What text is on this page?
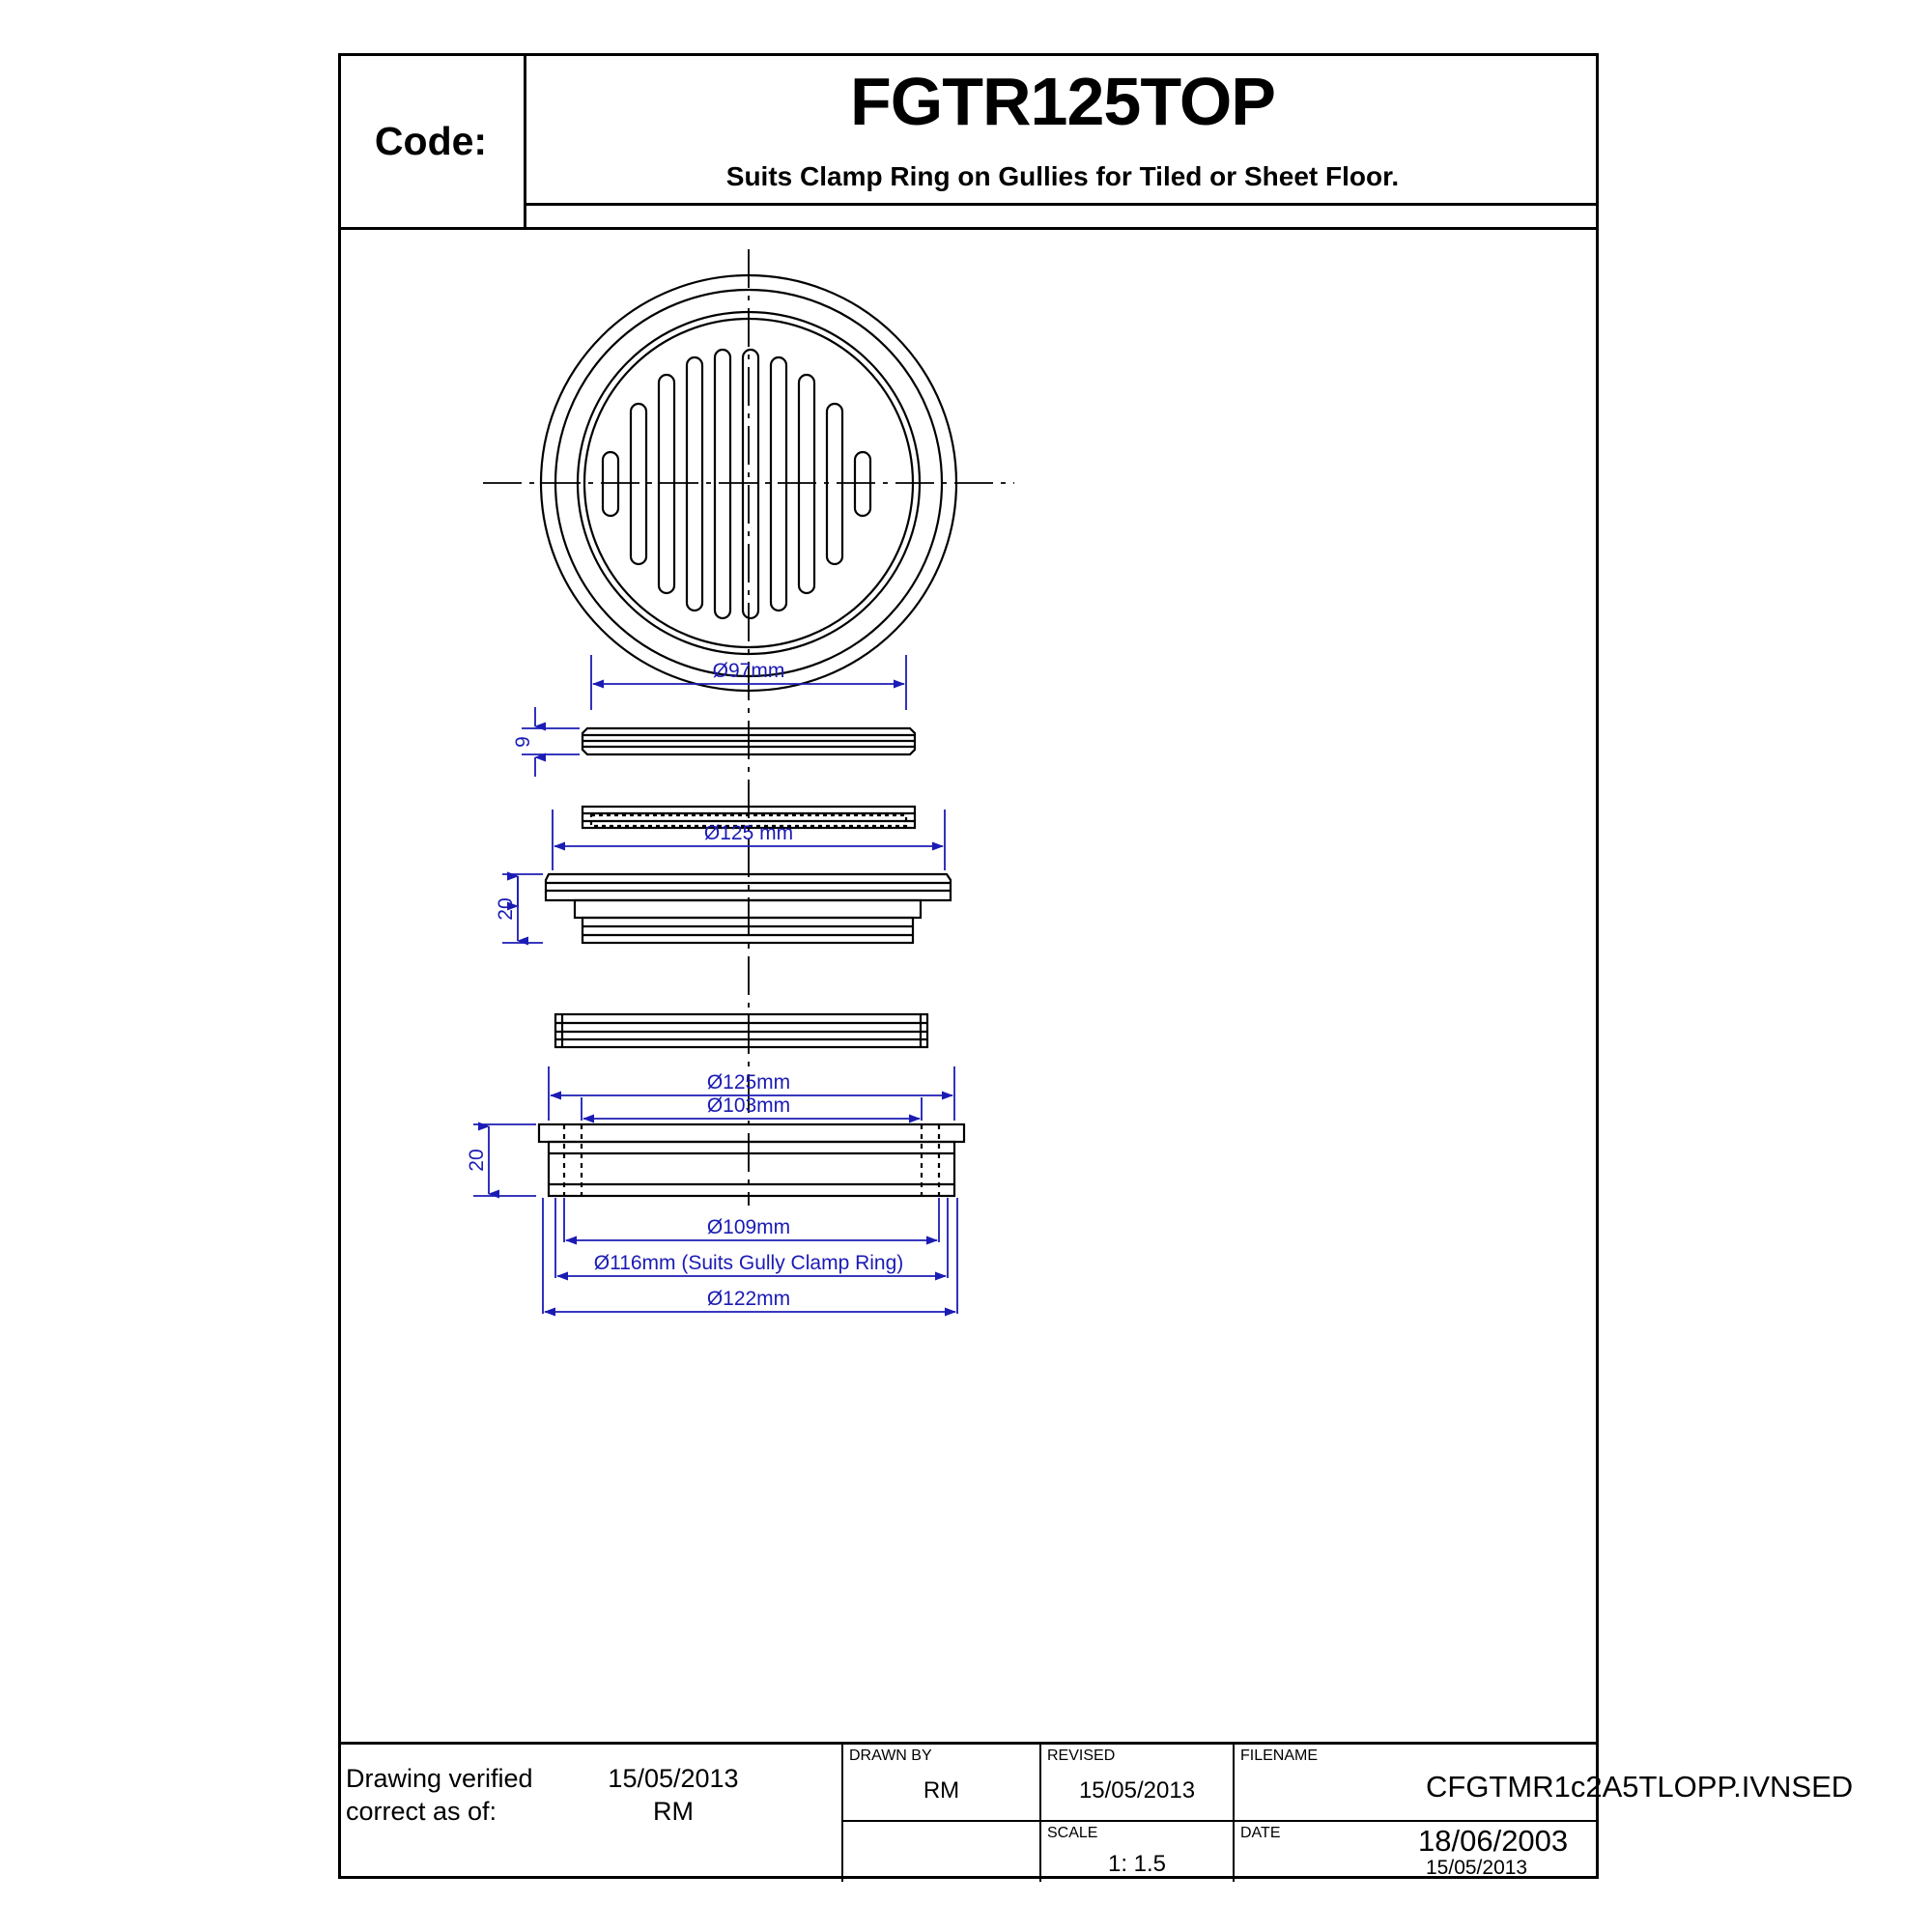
Code:
FGTR125TOP
Suits Clamp Ring on Gullies for Tiled or Sheet Floor.
Ø97mm
9
Ø125 mm
20
Ø125mm
Ø103mm
20
Ø109mm
Ø116mm (Suits Gully Clamp Ring)
Ø122mm
Drawing verified
correct as of:
15/05/2013
RM
DRAWN BY
RM
REVISED
15/05/2013
SCALE
1: 1.5
FILENAME
CFGTMR1c2A5TLOPP.IVNSED
DATE	18/06/2003
15/05/2013
